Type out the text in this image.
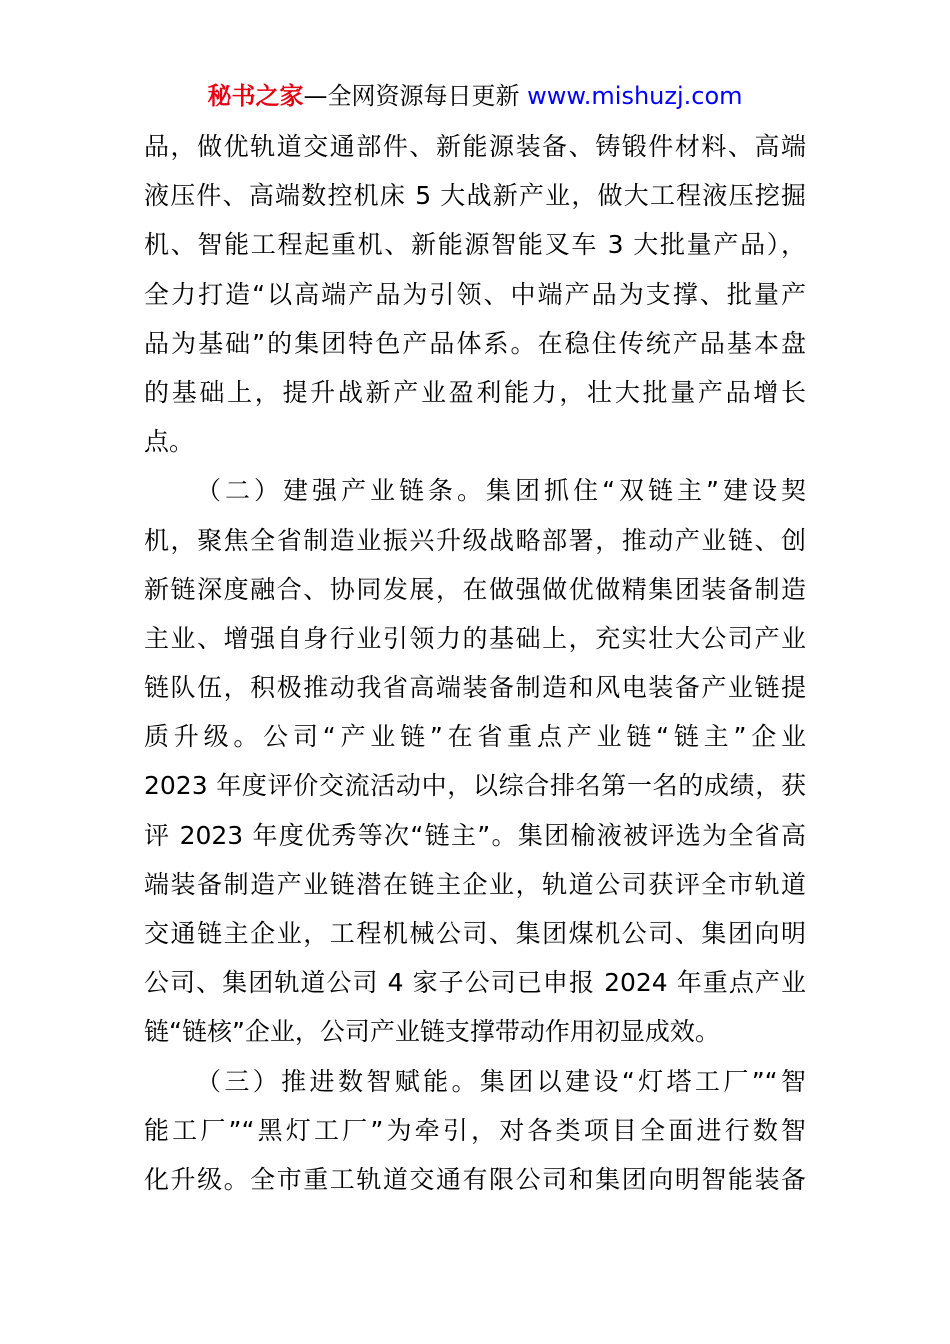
秘书之家—全网资源每日更新 www.mishuzj.com
品，做优轨道交通部件、新能源装备、铸锻件材料、高端
液压件、高端数控机床 5 大战新产业，做大工程液压挖掘
机、智能工程起重机、新能源智能叉车 3 大批量产品），
全力打造“以高端产品为引领、中端产品为支撑、批量产
品为基础”的集团特色产品体系。在稳住传统产品基本盘
的基础上，提升战新产业盈利能力，壮大批量产品增长
点。
（二）建强产业链条。集团抓住“双链主”建设契
机，聚焦全省制造业振兴升级战略部署，推动产业链、创
新链深度融合、协同发展，在做强做优做精集团装备制造
主业、增强自身行业引领力的基础上，充实壮大公司产业
链队伍，积极推动我省高端装备制造和风电装备产业链提
质升级。公司“产业链”在省重点产业链“链主”企业
2023 年度评价交流活动中，以综合排名第一名的成绩，获
评 2023 年度优秀等次“链主”。集团榆液被评选为全省高
端装备制造产业链潜在链主企业，轨道公司获评全市轨道
交通链主企业，工程机械公司、集团煤机公司、集团向明
公司、集团轨道公司 4 家子公司已申报 2024 年重点产业
链“链核”企业，公司产业链支撑带动作用初显成效。
（三）推进数智赋能。集团以建设“灯塔工厂”“智
能工厂”“黑灯工厂”为牵引，对各类项目全面进行数智
化升级。全市重工轨道交通有限公司和集团向明智能装备
